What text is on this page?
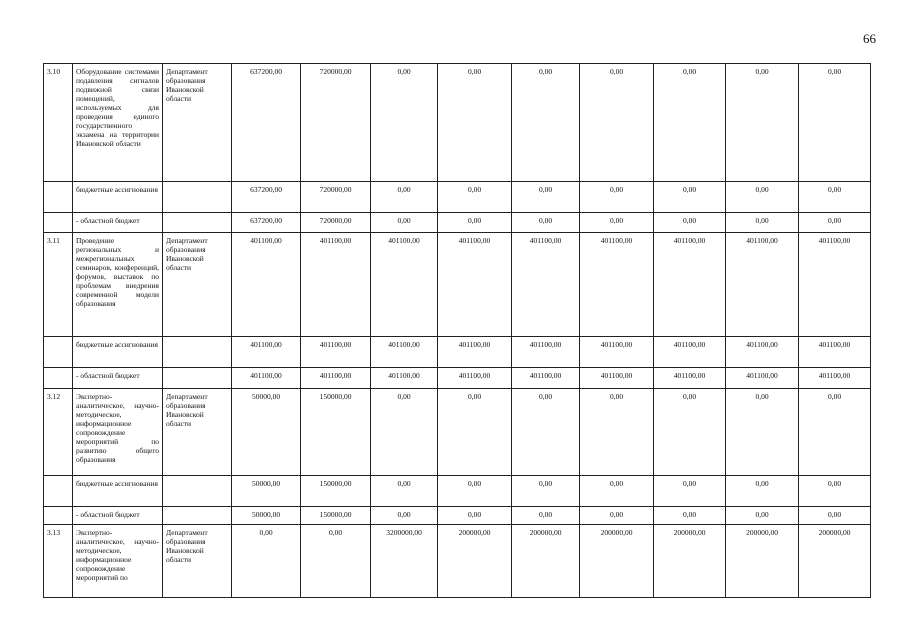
66
3.10	Оборудование системами подавления сигналов подвижной связи помещений, используемых для проведения единого государственного экзамена на территории Ивановской области	Департамент образования Ивановской области	637200,00	720000,00	0,00	0,00	0,00	0,00	0,00	0,00	0,00
	бюджетные ассигнования		637200,00	720000,00	0,00	0,00	0,00	0,00	0,00	0,00	0,00
	- областной бюджет		637200,00	720000,00	0,00	0,00	0,00	0,00	0,00	0,00	0,00
3.11	Проведение региональных и межрегиональных семинаров, конференций, форумов, выставок по проблемам внедрения современной модели образования	Департамент образования Ивановской области	401100,00	401100,00	401100,00	401100,00	401100,00	401100,00	401100,00	401100,00	401100,00
	бюджетные ассигнования		401100,00	401100,00	401100,00	401100,00	401100,00	401100,00	401100,00	401100,00	401100,00
	- областной бюджет		401100,00	401100,00	401100,00	401100,00	401100,00	401100,00	401100,00	401100,00	401100,00
3.12	Экспертно-аналитическое, научно-методическое, информационное сопровождение мероприятий по развитию общего образования	Департамент образования Ивановской области	50000,00	150000,00	0,00	0,00	0,00	0,00	0,00	0,00	0,00
	бюджетные ассигнования		50000,00	150000,00	0,00	0,00	0,00	0,00	0,00	0,00	0,00
	- областной бюджет		50000,00	150000,00	0,00	0,00	0,00	0,00	0,00	0,00	0,00
3.13	Экспертно-аналитическое, научно-методическое, информационное сопровождение мероприятий по	Департамент образования Ивановской области	0,00	0,00	3200000,00	200000,00	200000,00	200000,00	200000,00	200000,00	200000,00
